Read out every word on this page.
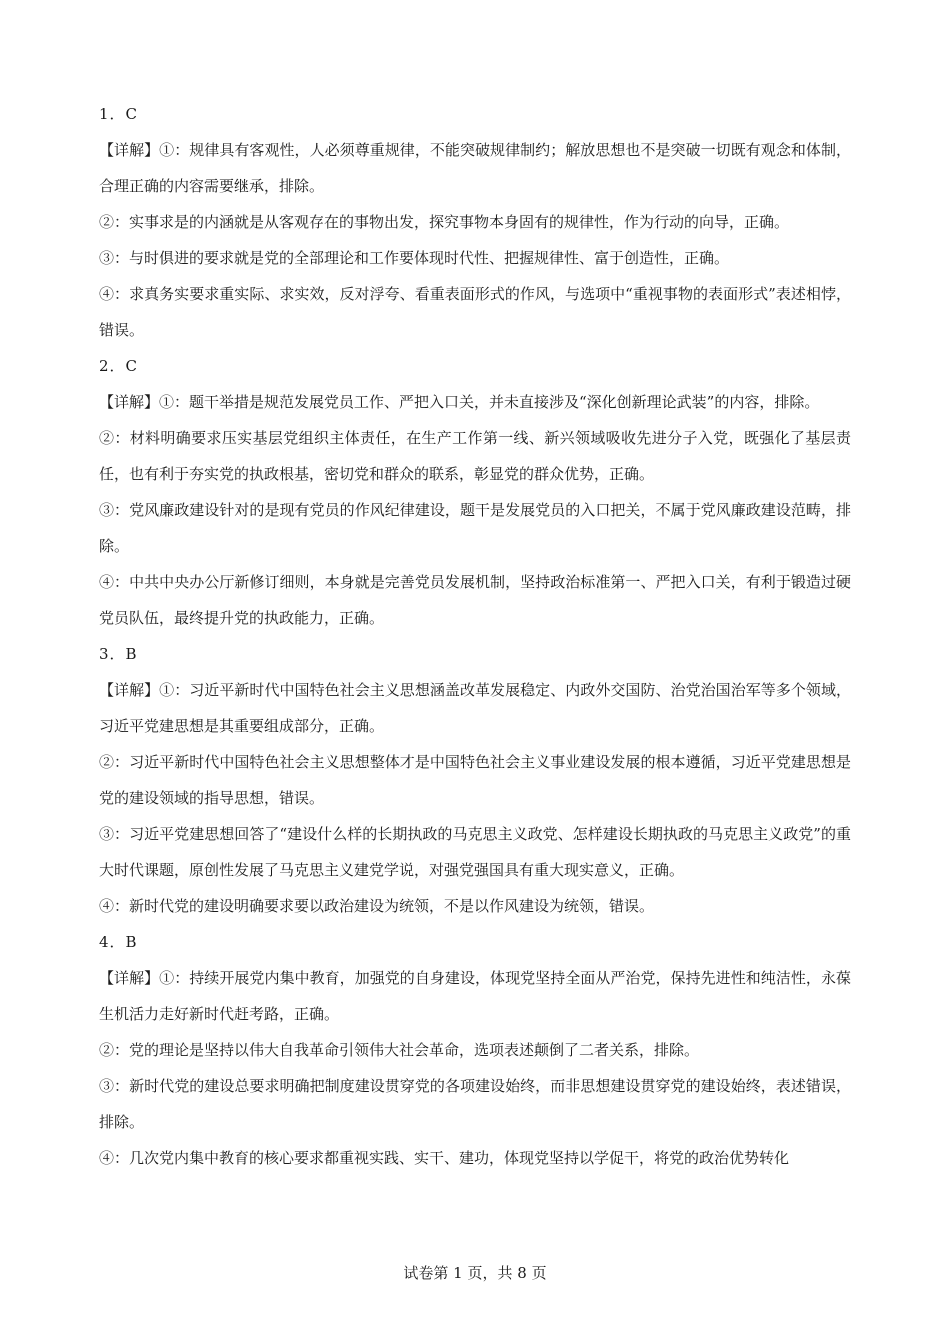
1．C
【详解】①：规律具有客观性，人必须尊重规律，不能突破规律制约；解放思想也不是突破一切既有观念和体制，合理正确的内容需要继承，排除。
②：实事求是的内涵就是从客观存在的事物出发，探究事物本身固有的规律性，作为行动的向导，正确。
③：与时俱进的要求就是党的全部理论和工作要体现时代性、把握规律性、富于创造性，正确。
④：求真务实要求重实际、求实效，反对浮夸、看重表面形式的作风，与选项中“重视事物的表面形式”表述相悖，错误。
2．C
【详解】①：题干举措是规范发展党员工作、严把入口关，并未直接涉及“深化创新理论武装”的内容，排除。
②：材料明确要求压实基层党组织主体责任，在生产工作第一线、新兴领域吸收先进分子入党，既强化了基层责任，也有利于夯实党的执政根基，密切党和群众的联系，彰显党的群众优势，正确。
③：党风廉政建设针对的是现有党员的作风纪律建设，题干是发展党员的入口把关，不属于党风廉政建设范畴，排除。
④：中共中央办公厅新修订细则，本身就是完善党员发展机制，坚持政治标准第一、严把入口关，有利于锻造过硬党员队伍，最终提升党的执政能力，正确。
3．B
【详解】①：习近平新时代中国特色社会主义思想涵盖改革发展稳定、内政外交国防、治党治国治军等多个领域，习近平党建思想是其重要组成部分，正确。
②：习近平新时代中国特色社会主义思想整体才是中国特色社会主义事业建设发展的根本遵循，习近平党建思想是党的建设领域的指导思想，错误。
③：习近平党建思想回答了“建设什么样的长期执政的马克思主义政党、怎样建设长期执政的马克思主义政党”的重大时代课题，原创性发展了马克思主义建党学说，对强党强国具有重大现实意义，正确。
④：新时代党的建设明确要求要以政治建设为统领，不是以作风建设为统领，错误。
4．B
【详解】①：持续开展党内集中教育，加强党的自身建设，体现党坚持全面从严治党，保持先进性和纯洁性，永葆生机活力走好新时代赶考路，正确。
②：党的理论是坚持以伟大自我革命引领伟大社会革命，选项表述颠倒了二者关系，排除。
③：新时代党的建设总要求明确把制度建设贯穿党的各项建设始终，而非思想建设贯穿党的建设始终，表述错误，排除。
④：几次党内集中教育的核心要求都重视实践、实干、建功，体现党坚持以学促干，将党的政治优势转化
试卷第 1 页，共 8 页
